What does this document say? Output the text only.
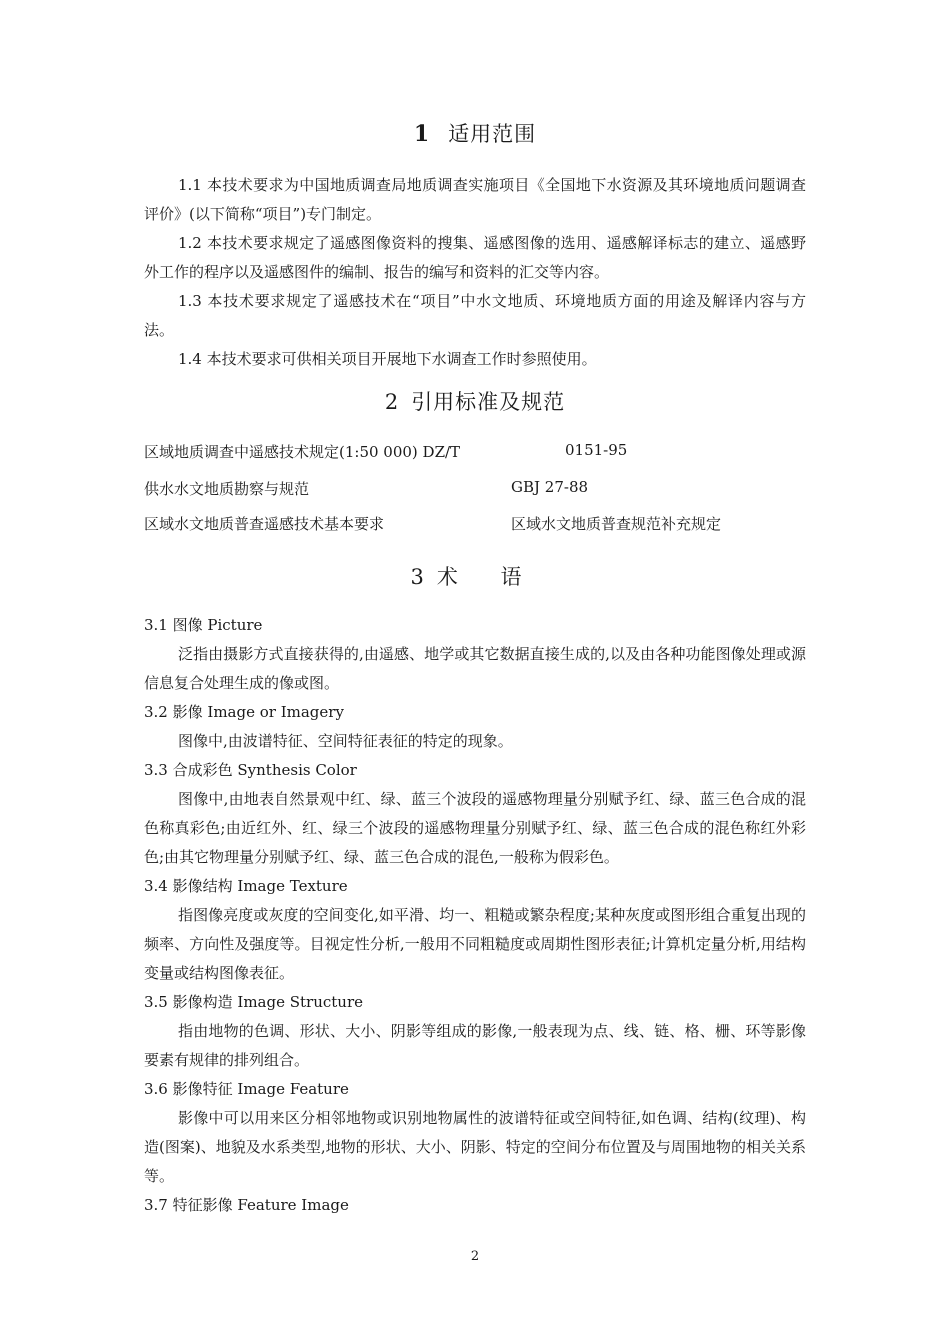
1 适用范围

1.1 本技术要求为中国地质调查局地质调查实施项目《全国地下水资源及其环境地质问题调查评价》(以下简称“项目”)专门制定。

1.2 本技术要求规定了遥感图像资料的搜集、遥感图像的选用、遥感解译标志的建立、遥感野外工作的程序以及遥感图件的编制、报告的编写和资料的汇交等内容。

1.3 本技术要求规定了遥感技术在“项目”中水文地质、环境地质方面的用途及解译内容与方法。

1.4 本技术要求可供相关项目开展地下水调查工作时参照使用。

2 引用标准及规范
区域地质调查中遥感技术规定(1:50 000) DZ/T	0151-95
供水水文地质勘察与规范	GBJ 27-88
区域水文地质普查遥感技术基本要求	区域水文地质普查规范补充规定
3 术 语

3.1 图像 Picture

泛指由摄影方式直接获得的,由遥感、地学或其它数据直接生成的,以及由各种功能图像处理或源信息复合处理生成的像或图。

3.2 影像 Image or Imagery

图像中,由波谱特征、空间特征表征的特定的现象。

3.3 合成彩色 Synthesis Color

图像中,由地表自然景观中红、绿、蓝三个波段的遥感物理量分别赋予红、绿、蓝三色合成的混色称真彩色;由近红外、红、绿三个波段的遥感物理量分别赋予红、绿、蓝三色合成的混色称红外彩色;由其它物理量分别赋予红、绿、蓝三色合成的混色,一般称为假彩色。

3.4 影像结构 Image Texture

指图像亮度或灰度的空间变化,如平滑、均一、粗糙或繁杂程度;某种灰度或图形组合重复出现的频率、方向性及强度等。目视定性分析,一般用不同粗糙度或周期性图形表征;计算机定量分析,用结构变量或结构图像表征。

3.5 影像构造 Image Structure

指由地物的色调、形状、大小、阴影等组成的影像,一般表现为点、线、链、格、栅、环等影像要素有规律的排列组合。

3.6 影像特征 Image Feature

影像中可以用来区分相邻地物或识别地物属性的波谱特征或空间特征,如色调、结构(纹理)、构造(图案)、地貌及水系类型,地物的形状、大小、阴影、特定的空间分布位置及与周围地物的相关关系等。

3.7 特征影像 Feature Image

2
